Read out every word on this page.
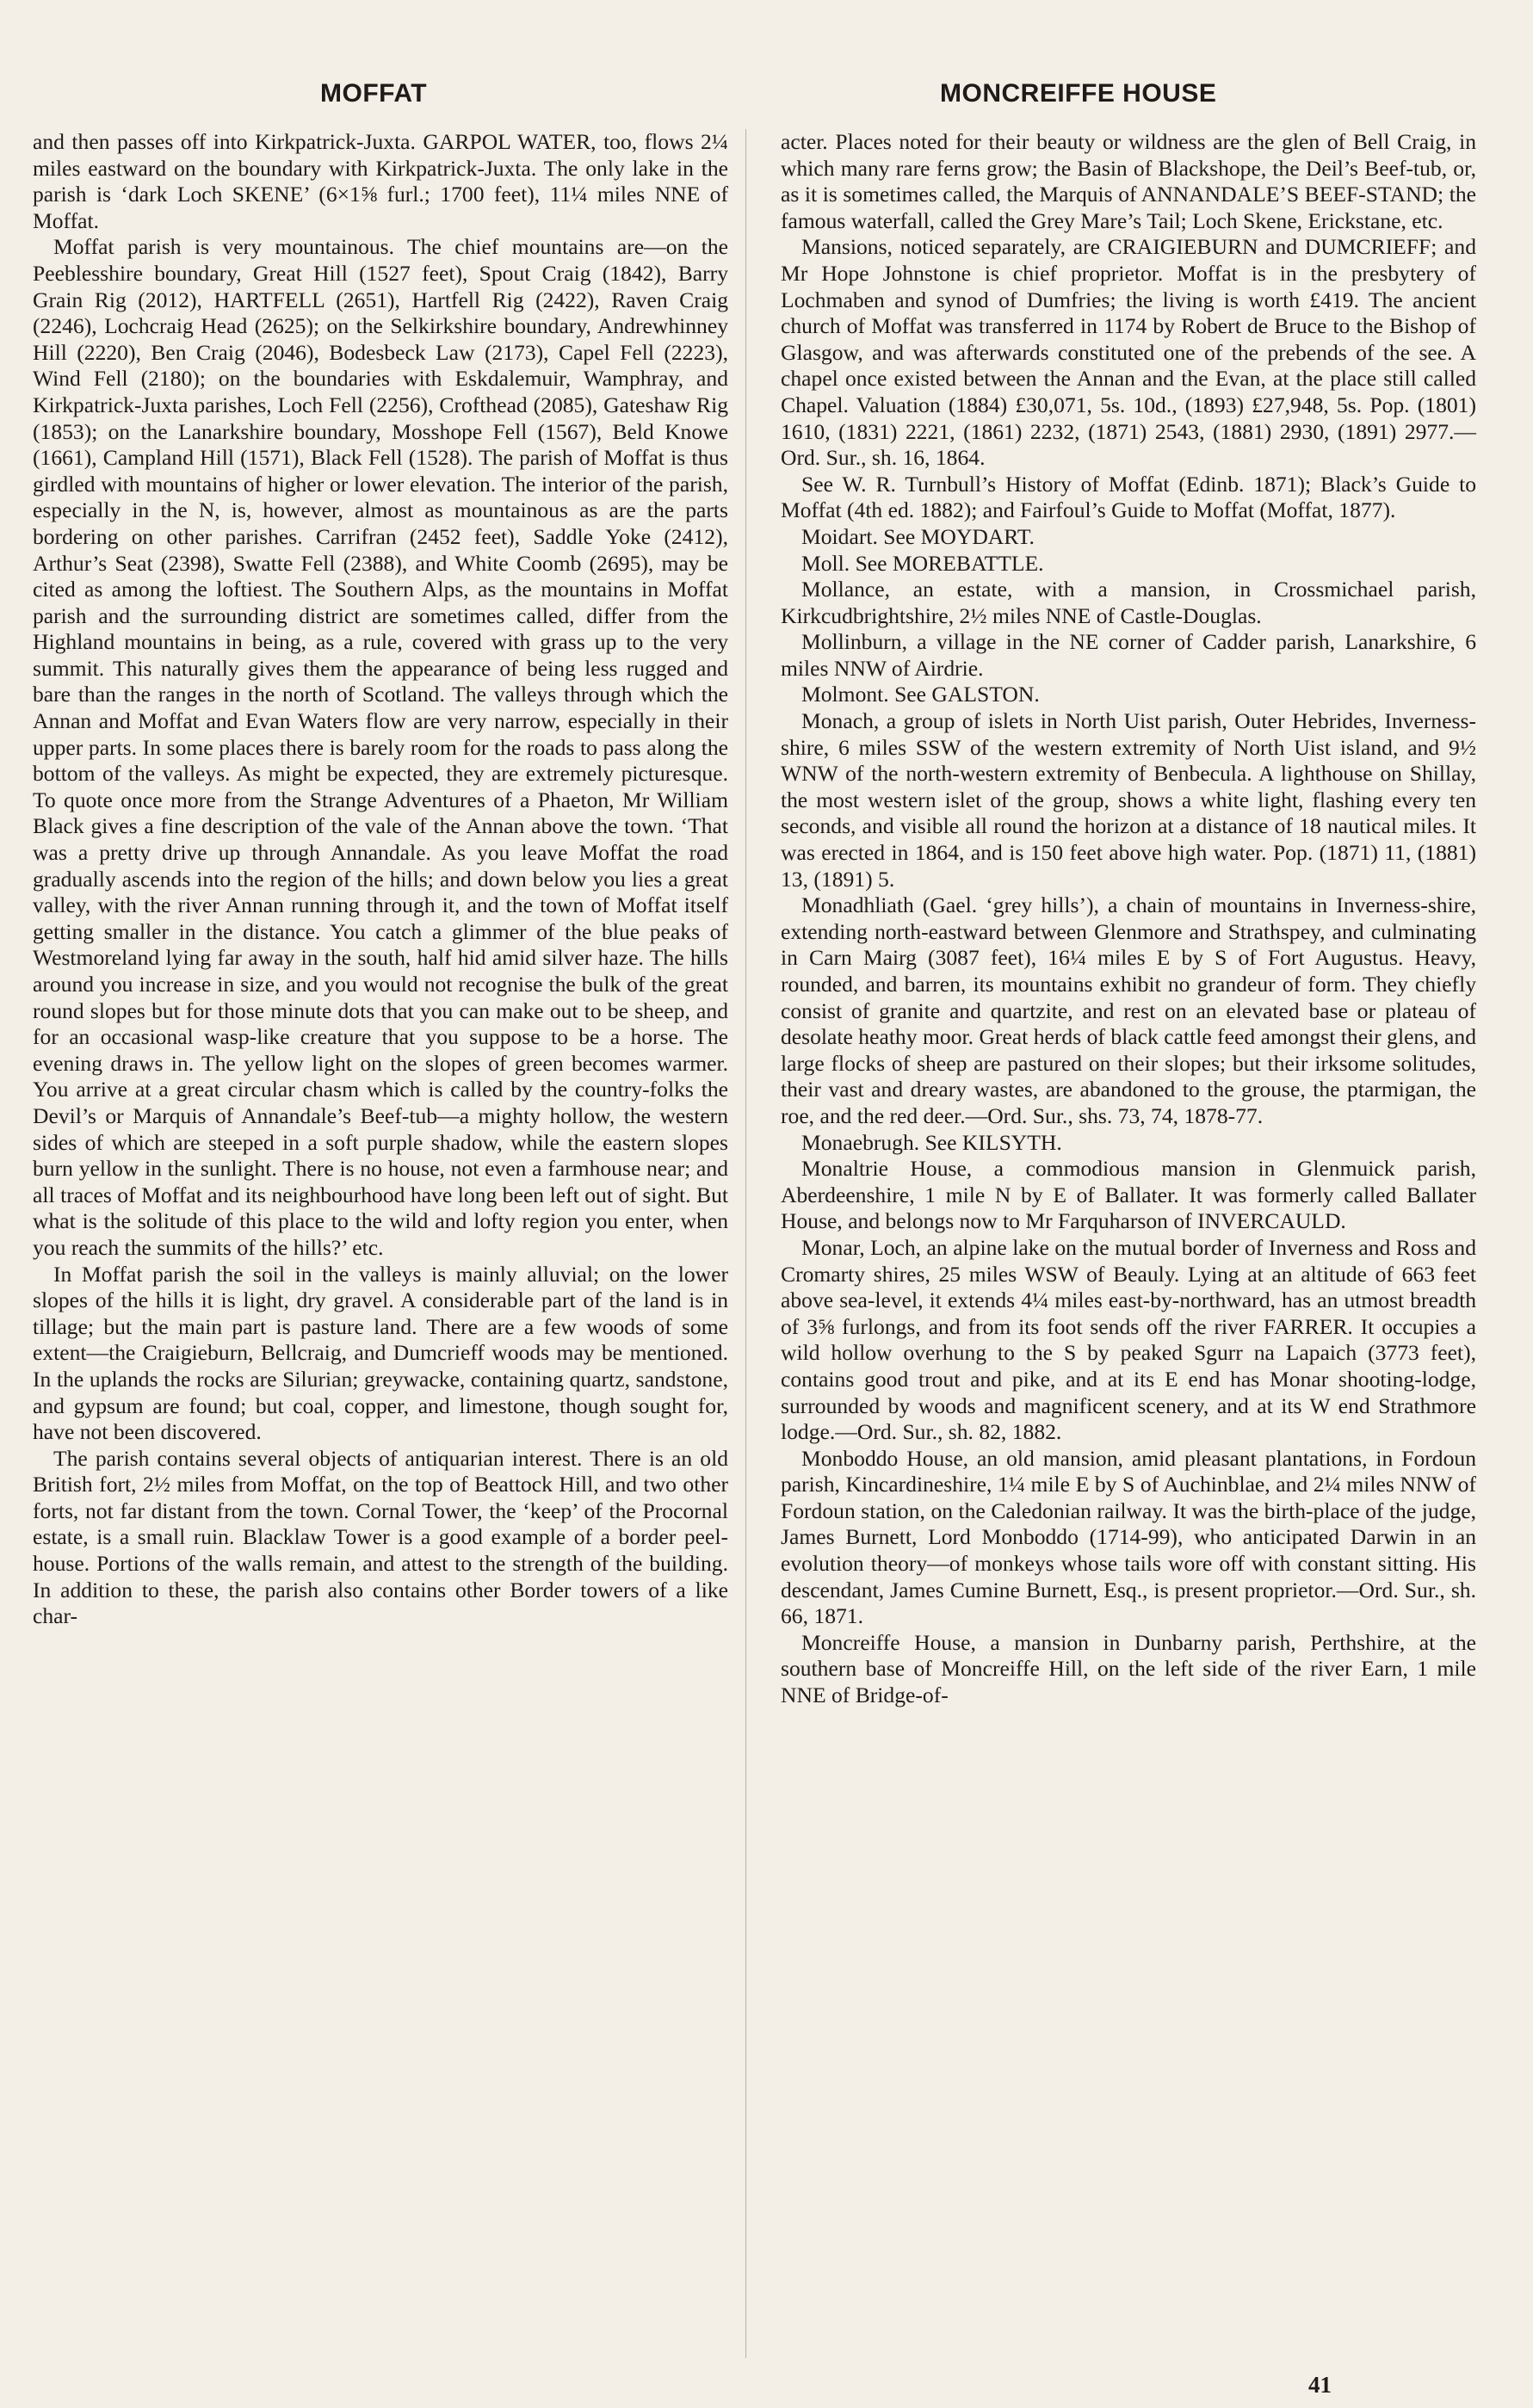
MOFFAT	MONCREIFFE HOUSE

and then passes off into Kirkpatrick-Juxta. GARPOL WATER, too, flows 2¼ miles eastward on the boundary with Kirkpatrick-Juxta. The only lake in the parish is ‘dark Loch SKENE’ (6×1⅝ furl.; 1700 feet), 11¼ miles NNE of Moffat.

Moffat parish is very mountainous. The chief mountains are—on the Peeblesshire boundary, Great Hill (1527 feet), Spout Craig (1842), Barry Grain Rig (2012), HARTFELL (2651), Hartfell Rig (2422), Raven Craig (2246), Lochcraig Head (2625); on the Selkirkshire boundary, Andrewhinney Hill (2220), Ben Craig (2046), Bodesbeck Law (2173), Capel Fell (2223), Wind Fell (2180); on the boundaries with Eskdalemuir, Wamphray, and Kirkpatrick-Juxta parishes, Loch Fell (2256), Crofthead (2085), Gateshaw Rig (1853); on the Lanarkshire boundary, Mosshope Fell (1567), Beld Knowe (1661), Campland Hill (1571), Black Fell (1528). The parish of Moffat is thus girdled with mountains of higher or lower elevation. The interior of the parish, especially in the N, is, however, almost as mountainous as are the parts bordering on other parishes. Carrifran (2452 feet), Saddle Yoke (2412), Arthur’s Seat (2398), Swatte Fell (2388), and White Coomb (2695), may be cited as among the loftiest. The Southern Alps, as the mountains in Moffat parish and the surrounding district are sometimes called, differ from the Highland mountains in being, as a rule, covered with grass up to the very summit. This naturally gives them the appearance of being less rugged and bare than the ranges in the north of Scotland. The valleys through which the Annan and Moffat and Evan Waters flow are very narrow, especially in their upper parts. In some places there is barely room for the roads to pass along the bottom of the valleys. As might be expected, they are extremely picturesque. To quote once more from the Strange Adventures of a Phaeton, Mr William Black gives a fine description of the vale of the Annan above the town. ‘That was a pretty drive up through Annandale. As you leave Moffat the road gradually ascends into the region of the hills; and down below you lies a great valley, with the river Annan running through it, and the town of Moffat itself getting smaller in the distance. You catch a glimmer of the blue peaks of Westmoreland lying far away in the south, half hid amid silver haze. The hills around you increase in size, and you would not recognise the bulk of the great round slopes but for those minute dots that you can make out to be sheep, and for an occasional wasp-like creature that you suppose to be a horse. The evening draws in. The yellow light on the slopes of green becomes warmer. You arrive at a great circular chasm which is called by the country-folks the Devil’s or Marquis of Annandale’s Beef-tub—a mighty hollow, the western sides of which are steeped in a soft purple shadow, while the eastern slopes burn yellow in the sunlight. There is no house, not even a farmhouse near; and all traces of Moffat and its neighbourhood have long been left out of sight. But what is the solitude of this place to the wild and lofty region you enter, when you reach the summits of the hills?’ etc.

In Moffat parish the soil in the valleys is mainly alluvial; on the lower slopes of the hills it is light, dry gravel. A considerable part of the land is in tillage; but the main part is pasture land. There are a few woods of some extent—the Craigieburn, Bellcraig, and Dumcrieff woods may be mentioned. In the uplands the rocks are Silurian; greywacke, containing quartz, sandstone, and gypsum are found; but coal, copper, and limestone, though sought for, have not been discovered.

The parish contains several objects of antiquarian interest. There is an old British fort, 2½ miles from Moffat, on the top of Beattock Hill, and two other forts, not far distant from the town. Cornal Tower, the ‘keep’ of the Procornal estate, is a small ruin. Blacklaw Tower is a good example of a border peel-house. Portions of the walls remain, and attest to the strength of the building. In addition to these, the parish also contains other Border towers of a like char-

acter. Places noted for their beauty or wildness are the glen of Bell Craig, in which many rare ferns grow; the Basin of Blackshope, the Deil’s Beef-tub, or, as it is sometimes called, the Marquis of ANNANDALE’S BEEF-STAND; the famous waterfall, called the Grey Mare’s Tail; Loch Skene, Erickstane, etc.

Mansions, noticed separately, are CRAIGIEBURN and DUMCRIEFF; and Mr Hope Johnstone is chief proprietor. Moffat is in the presbytery of Lochmaben and synod of Dumfries; the living is worth £419. The ancient church of Moffat was transferred in 1174 by Robert de Bruce to the Bishop of Glasgow, and was afterwards constituted one of the prebends of the see. A chapel once existed between the Annan and the Evan, at the place still called Chapel. Valuation (1884) £30,071, 5s. 10d., (1893) £27,948, 5s. Pop. (1801) 1610, (1831) 2221, (1861) 2232, (1871) 2543, (1881) 2930, (1891) 2977.—Ord. Sur., sh. 16, 1864.

See W. R. Turnbull’s History of Moffat (Edinb. 1871); Black’s Guide to Moffat (4th ed. 1882); and Fairfoul’s Guide to Moffat (Moffat, 1877).

Moidart. See MOYDART.

Moll. See MOREBATTLE.

Mollance, an estate, with a mansion, in Crossmichael parish, Kirkcudbrightshire, 2½ miles NNE of Castle-Douglas.

Mollinburn, a village in the NE corner of Cadder parish, Lanarkshire, 6 miles NNW of Airdrie.

Molmont. See GALSTON.

Monach, a group of islets in North Uist parish, Outer Hebrides, Inverness-shire, 6 miles SSW of the western extremity of North Uist island, and 9½ WNW of the north-western extremity of Benbecula. A lighthouse on Shillay, the most western islet of the group, shows a white light, flashing every ten seconds, and visible all round the horizon at a distance of 18 nautical miles. It was erected in 1864, and is 150 feet above high water. Pop. (1871) 11, (1881) 13, (1891) 5.

Monadhliath (Gael. ‘grey hills’), a chain of mountains in Inverness-shire, extending north-eastward between Glenmore and Strathspey, and culminating in Carn Mairg (3087 feet), 16¼ miles E by S of Fort Augustus. Heavy, rounded, and barren, its mountains exhibit no grandeur of form. They chiefly consist of granite and quartzite, and rest on an elevated base or plateau of desolate heathy moor. Great herds of black cattle feed amongst their glens, and large flocks of sheep are pastured on their slopes; but their irksome solitudes, their vast and dreary wastes, are abandoned to the grouse, the ptarmigan, the roe, and the red deer.—Ord. Sur., shs. 73, 74, 1878-77.

Monaebrugh. See KILSYTH.

Monaltrie House, a commodious mansion in Glenmuick parish, Aberdeenshire, 1 mile N by E of Ballater. It was formerly called Ballater House, and belongs now to Mr Farquharson of INVERCAULD.

Monar, Loch, an alpine lake on the mutual border of Inverness and Ross and Cromarty shires, 25 miles WSW of Beauly. Lying at an altitude of 663 feet above sea-level, it extends 4¼ miles east-by-northward, has an utmost breadth of 3⅝ furlongs, and from its foot sends off the river FARRER. It occupies a wild hollow overhung to the S by peaked Sgurr na Lapaich (3773 feet), contains good trout and pike, and at its E end has Monar shooting-lodge, surrounded by woods and magnificent scenery, and at its W end Strathmore lodge.—Ord. Sur., sh. 82, 1882.

Monboddo House, an old mansion, amid pleasant plantations, in Fordoun parish, Kincardineshire, 1¼ mile E by S of Auchinblae, and 2¼ miles NNW of Fordoun station, on the Caledonian railway. It was the birth-place of the judge, James Burnett, Lord Monboddo (1714-99), who anticipated Darwin in an evolution theory—of monkeys whose tails wore off with constant sitting. His descendant, James Cumine Burnett, Esq., is present proprietor.—Ord. Sur., sh. 66, 1871.

Moncreiffe House, a mansion in Dunbarny parish, Perthshire, at the southern base of Moncreiffe Hill, on the left side of the river Earn, 1 mile NNE of Bridge-of-

41
